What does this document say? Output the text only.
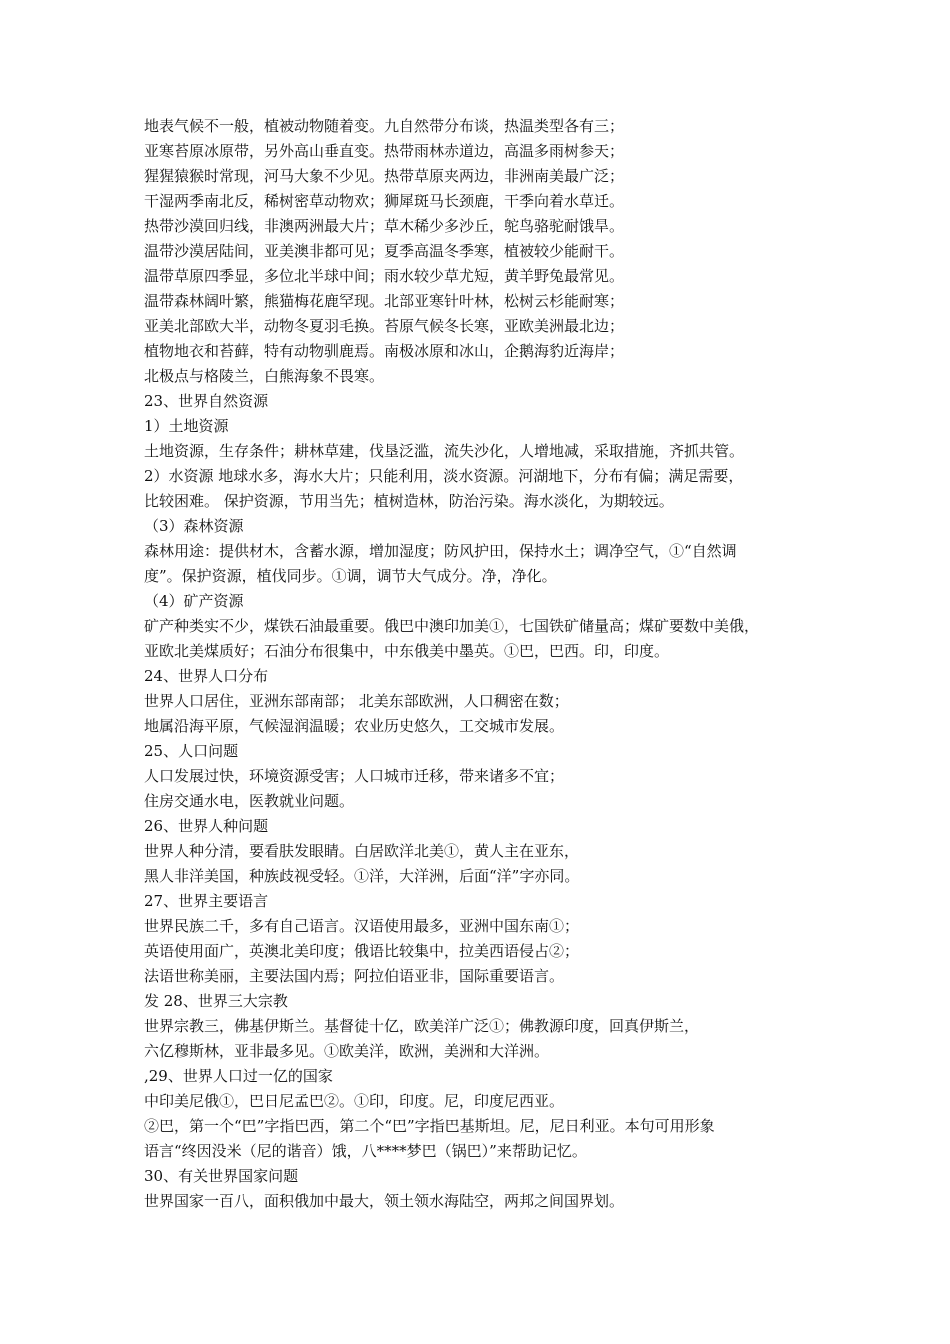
地表气候不一般，植被动物随着变。九自然带分布谈，热温类型各有三；
亚寒苔原冰原带，另外高山垂直变。热带雨林赤道边，高温多雨树参天；
猩猩猿猴时常现，河马大象不少见。热带草原夹两边，非洲南美最广泛；
干湿两季南北反，稀树密草动物欢；狮犀斑马长颈鹿，干季向着水草迁。
热带沙漠回归线，非澳两洲最大片；草木稀少多沙丘，鸵鸟骆驼耐饿旱。
温带沙漠居陆间，亚美澳非都可见；夏季高温冬季寒，植被较少能耐干。
温带草原四季显，多位北半球中间；雨水较少草尤短，黄羊野兔最常见。
温带森林阔叶繁，熊猫梅花鹿罕现。北部亚寒针叶林，松树云杉能耐寒；
亚美北部欧大半，动物冬夏羽毛换。苔原气候冬长寒，亚欧美洲最北边；
植物地衣和苔藓，特有动物驯鹿焉。南极冰原和冰山，企鹅海豹近海岸；
北极点与格陵兰，白熊海象不畏寒。
23、世界自然资源
1）土地资源
土地资源，生存条件；耕林草建，伐垦泛滥，流失沙化，人增地减，采取措施，齐抓共管。
2）水资源 地球水多，海水大片；只能利用，淡水资源。河湖地下，分布有偏；满足需要，
比较困难。 保护资源，节用当先；植树造林，防治污染。海水淡化，为期较远。
（3）森林资源
森林用途：提供材木，含蓄水源，增加湿度；防风护田，保持水土；调净空气，①“自然调
度”。保护资源，植伐同步。①调，调节大气成分。净，净化。
（4）矿产资源
矿产种类实不少，煤铁石油最重要。俄巴中澳印加美①，七国铁矿储量高；煤矿要数中美俄，
亚欧北美煤质好；石油分布很集中，中东俄美中墨英。①巴，巴西。印，印度。
24、世界人口分布
世界人口居住，亚洲东部南部； 北美东部欧洲，人口稠密在数；
地属沿海平原，气候湿润温暖；农业历史悠久，工交城市发展。
25、人口问题
人口发展过快，环境资源受害；人口城市迁移，带来诸多不宜；
住房交通水电，医教就业问题。
26、世界人种问题
世界人种分清，要看肤发眼睛。白居欧洋北美①，黄人主在亚东，
黑人非洋美国，种族歧视受轻。①洋，大洋洲，后面“洋”字亦同。
27、世界主要语言
世界民族二千，多有自己语言。汉语使用最多，亚洲中国东南①；
英语使用面广，英澳北美印度；俄语比较集中，拉美西语侵占②；
法语世称美丽，主要法国内焉；阿拉伯语亚非，国际重要语言。
发 28、世界三大宗教
世界宗教三，佛基伊斯兰。基督徒十亿，欧美洋广泛①；佛教源印度，回真伊斯兰，
六亿穆斯林，亚非最多见。①欧美洋，欧洲，美洲和大洋洲。
,29、世界人口过一亿的国家
中印美尼俄①，巴日尼孟巴②。①印，印度。尼，印度尼西亚。
②巴，第一个“巴”字指巴西，第二个“巴”字指巴基斯坦。尼，尼日利亚。本句可用形象
语言“终因没米（尼的谐音）饿，八****梦巴（锅巴）”来帮助记忆。
30、有关世界国家问题
世界国家一百八，面积俄加中最大，领土领水海陆空，两邦之间国界划。
